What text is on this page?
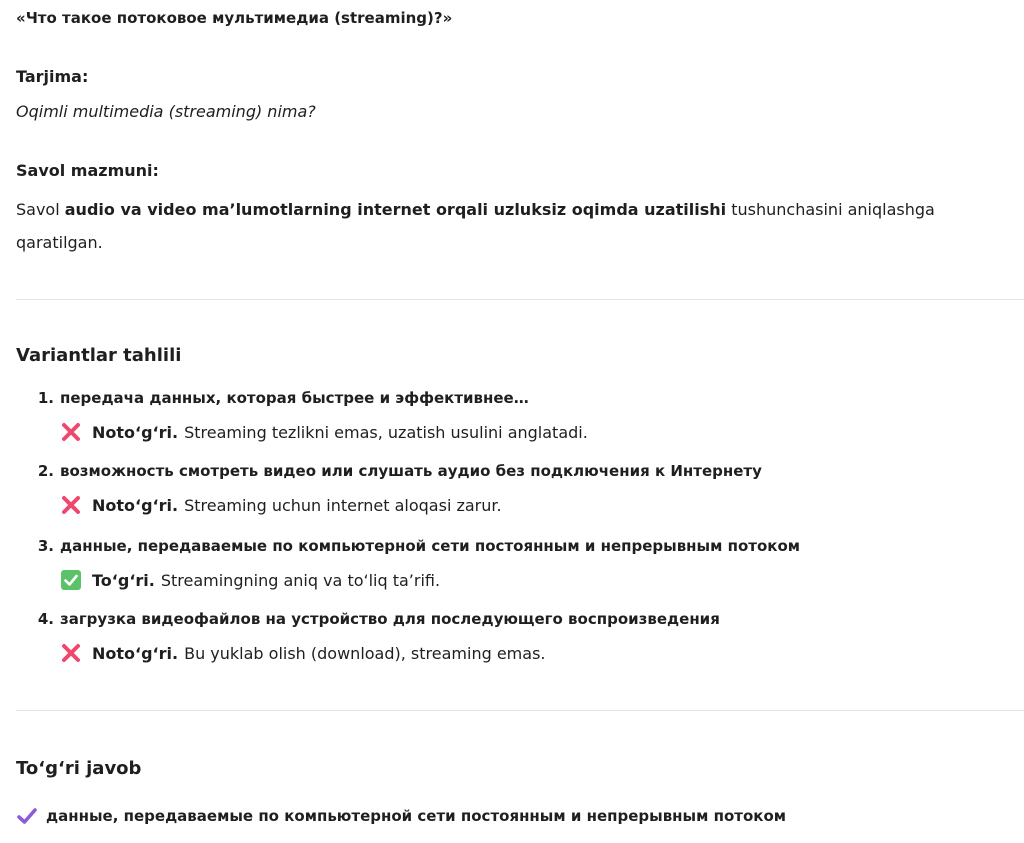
«Что такое потоковое мультимедиа (streaming)?»
Tarjima:
Oqimli multimedia (streaming) nima?
Savol mazmuni:
Savol audio va video ma’lumotlarning internet orqali uzluksiz oqimda uzatilishi tushunchasini aniqlashga qaratilgan.
Variantlar tahlili
1. передача данных, которая быстрее и эффективнее…
Noto‘g‘ri. Streaming tezlikni emas, uzatish usulini anglatadi.
2. возможность смотреть видео или слушать аудио без подключения к Интернету
Noto‘g‘ri. Streaming uchun internet aloqasi zarur.
3. данные, передаваемые по компьютерной сети постоянным и непрерывным потоком
To‘g‘ri. Streamingning aniq va to‘liq ta’rifi.
4. загрузка видеофайлов на устройство для последующего воспроизведения
Noto‘g‘ri. Bu yuklab olish (download), streaming emas.
To‘g‘ri javob
данные, передаваемые по компьютерной сети постоянным и непрерывным потоком
